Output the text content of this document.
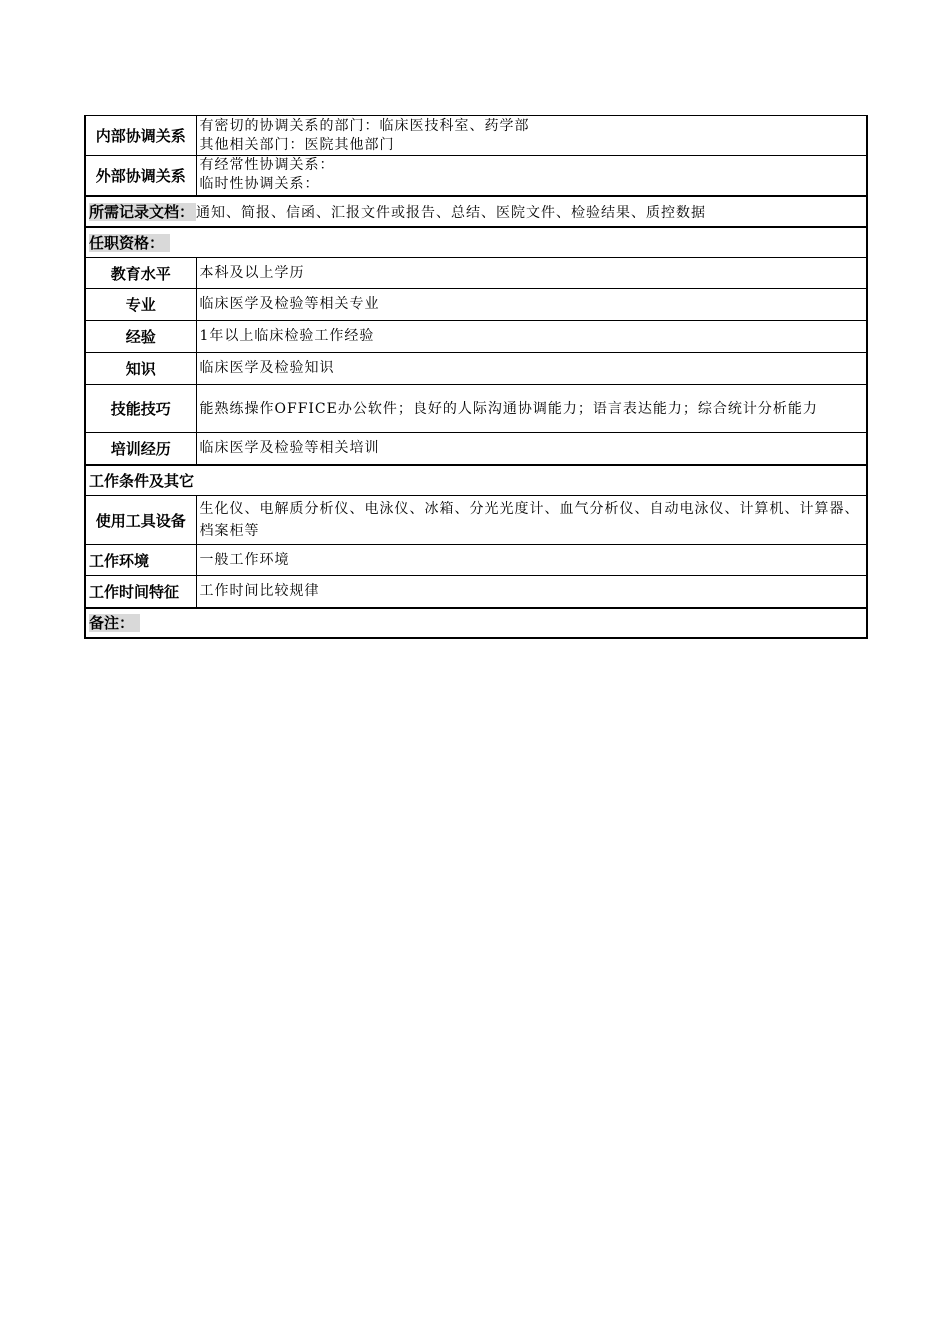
内部协调关系	有密切的协调关系的部门：临床医技科室、药学部
其他相关部门：医院其他部门

外部协调关系	有经常性协调关系：
临时性协调关系：

所需记录文档： 通知、简报、信函、汇报文件或报告、总结、医院文件、检验结果、质控数据	
任职资格：	
教育水平	本科及以上学历
专业	临床医学及检验等相关专业
经验	1年以上临床检验工作经验
知识	临床医学及检验知识
技能技巧	能熟练操作OFFICE办公软件；良好的人际沟通协调能力；语言表达能力；综合统计分析能力
培训经历	临床医学及检验等相关培训
工作条件及其它	
使用工具设备	生化仪、电解质分析仪、电泳仪、冰箱、分光光度计、血气分析仪、自动电泳仪、计算机、计算器、档案柜等
工作环境	一般工作环境
工作时间特征	工作时间比较规律
备注：	
